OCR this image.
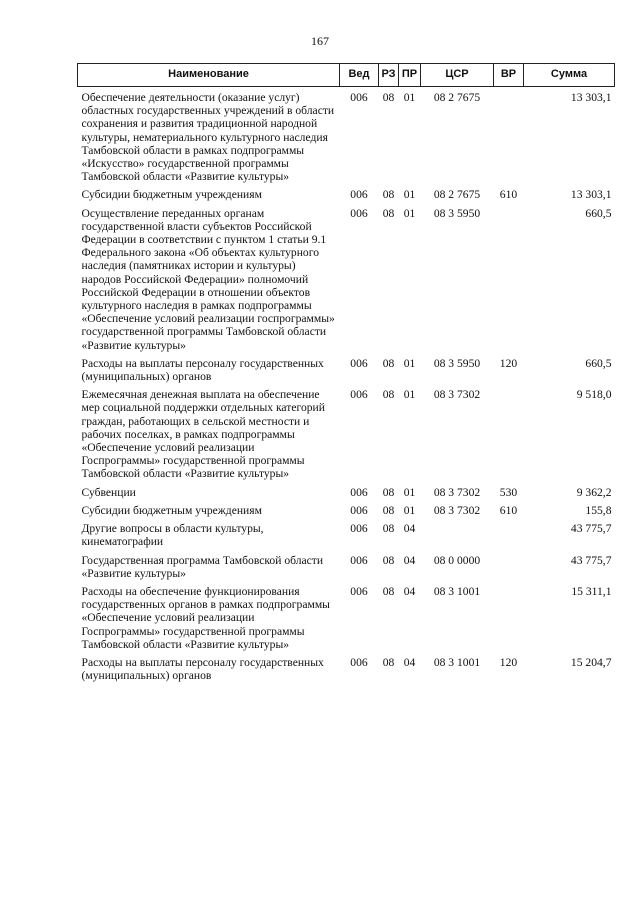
167
Наименование	Вед	РЗ	ПР	ЦСР	ВР	Сумма
Обеспечение деятельности (оказание услуг) областных государственных учреждений в области сохранения и развития традиционной народной культуры, нематериального культурного наследия Тамбовской области в рамках подпрограммы «Искусство» государственной программы Тамбовской области «Развитие культуры»	006	08	01	08 2 7675		13 303,1
Субсидии бюджетным учреждениям	006	08	01	08 2 7675	610	13 303,1
Осуществление переданных органам государственной власти субъектов Российской Федерации в соответствии с пунктом 1 статьи 9.1 Федерального закона «Об объектах культурного наследия (памятниках истории и культуры) народов Российской Федерации» полномочий Российской Федерации в отношении объектов культурного наследия в рамках подпрограммы «Обеспечение условий реализации госпрограммы» государственной программы Тамбовской области «Развитие культуры»	006	08	01	08 3 5950		660,5
Расходы на выплаты персоналу государственных (муниципальных) органов	006	08	01	08 3 5950	120	660,5
Ежемесячная денежная выплата на обеспечение мер социальной поддержки отдельных категорий граждан, работающих в сельской местности и рабочих поселках, в рамках подпрограммы «Обеспечение условий реализации Госпрограммы» государственной программы Тамбовской области «Развитие культуры»	006	08	01	08 3 7302		9 518,0
Субвенции	006	08	01	08 3 7302	530	9 362,2
Субсидии бюджетным учреждениям	006	08	01	08 3 7302	610	155,8
Другие вопросы в области культуры, кинематографии	006	08	04			43 775,7
Государственная программа Тамбовской области «Развитие культуры»	006	08	04	08 0 0000		43 775,7
Расходы на обеспечение функционирования государственных органов в рамках подпрограммы «Обеспечение условий реализации Госпрограммы» государственной программы Тамбовской области «Развитие культуры»	006	08	04	08 3 1001		15 311,1
Расходы на выплаты персоналу государственных (муниципальных) органов	006	08	04	08 3 1001	120	15 204,7
